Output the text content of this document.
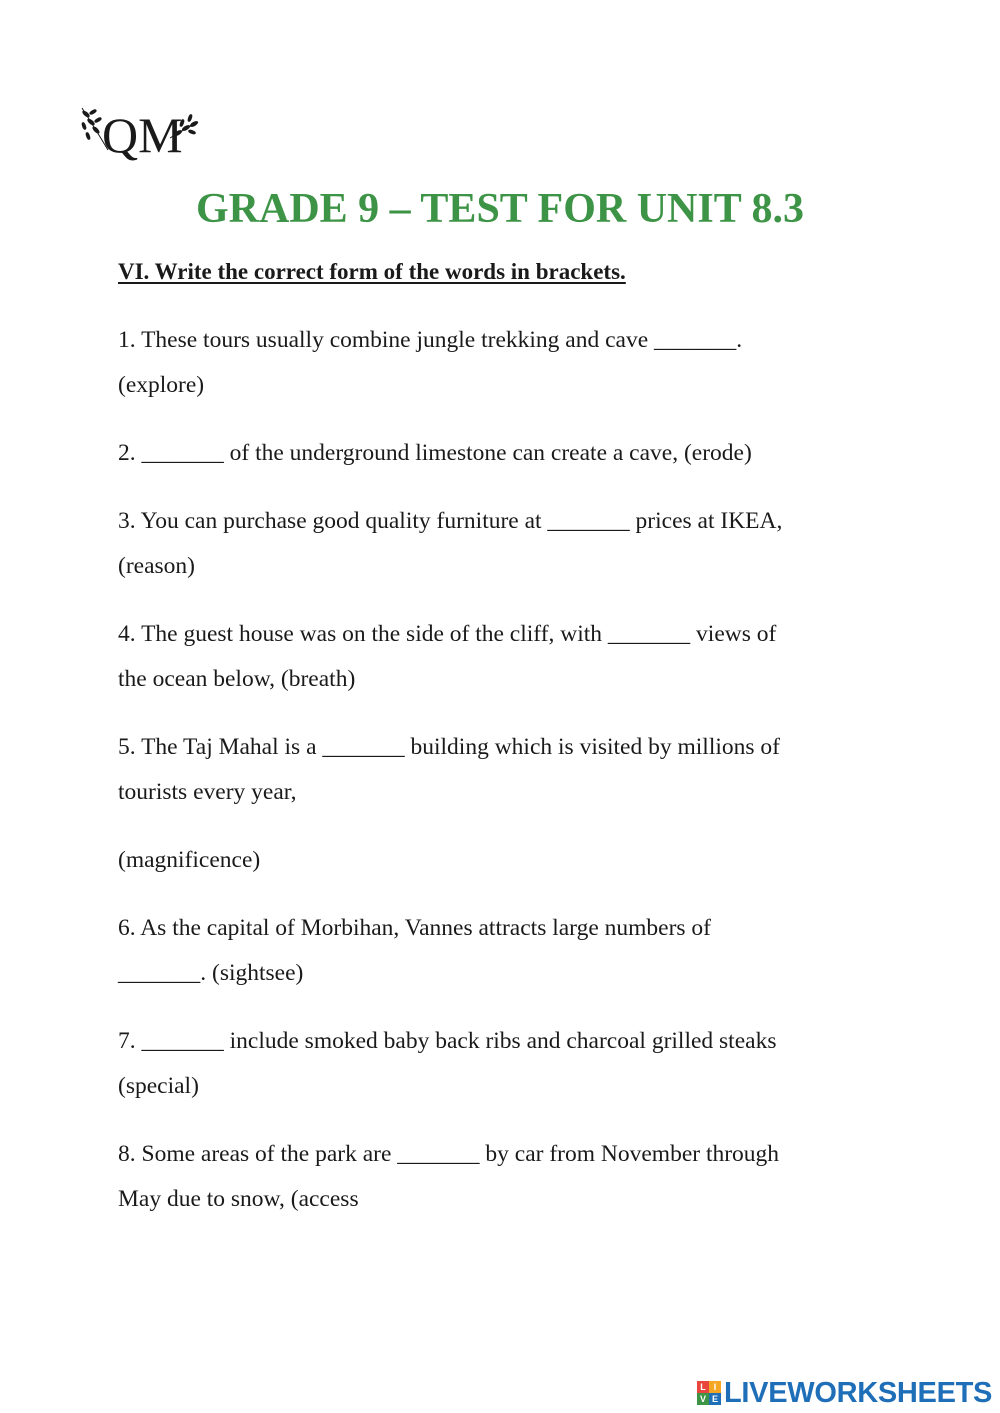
QM
GRADE 9 – TEST FOR UNIT 8.3

VI. Write the correct form of the words in brackets.

1. These tours usually combine jungle trekking and cave _______.

(explore)

2. _______ of the underground limestone can create a cave, (erode)

3. You can purchase good quality furniture at _______ prices at IKEA,

(reason)

4. The guest house was on the side of the cliff, with _______ views of

the ocean below, (breath)

5. The Taj Mahal is a _______ building which is visited by millions of

tourists every year,

(magnificence)

6. As the capital of Morbihan, Vannes attracts large numbers of

_______. (sightsee)

7. _______ include smoked baby back ribs and charcoal grilled steaks

(special)

8. Some areas of the park are _______ by car from November through

May due to snow, (access

L I
V E LIVEWORKSHEETS
